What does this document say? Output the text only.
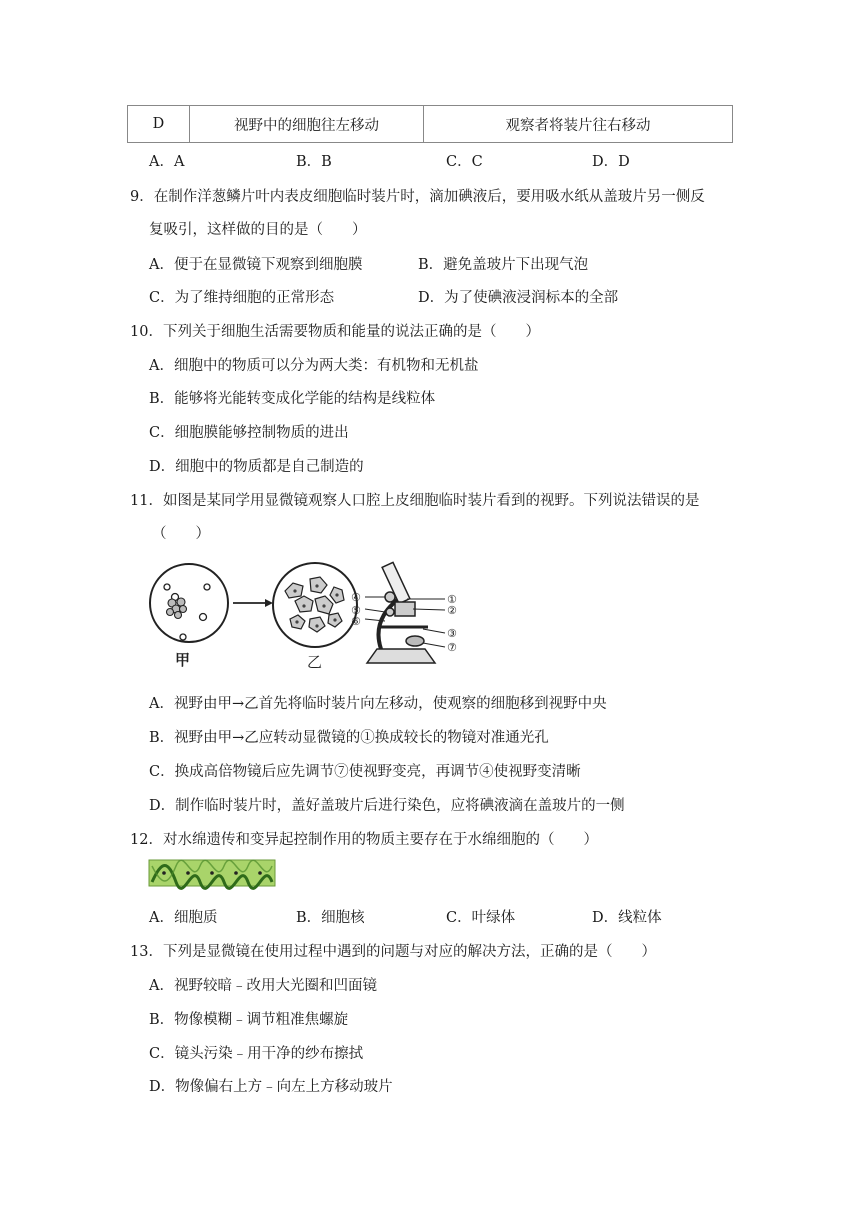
D	视野中的细胞往左移动	观察者将装片往右移动
A．A	B．B	C．C	D．D
9．在制作洋葱鳞片叶内表皮细胞临时装片时，滴加碘液后，要用吸水纸从盖玻片另一侧反
复吸引，这样做的目的是（　　）
A．便于在显微镜下观察到细胞膜	B．避免盖玻片下出现气泡
C．为了维持细胞的正常形态	D．为了使碘液浸润标本的全部
10．下列关于细胞生活需要物质和能量的说法正确的是（　　）
A．细胞中的物质可以分为两大类：有机物和无机盐
B．能够将光能转变成化学能的结构是线粒体
C．细胞膜能够控制物质的进出
D．细胞中的物质都是自己制造的
11．如图是某同学用显微镜观察人口腔上皮细胞临时装片看到的视野。下列说法错误的是
（　　）
甲	乙
④
⑤
⑥
①
②
③
⑦
A．视野由甲→乙首先将临时装片向左移动，使观察的细胞移到视野中央
B．视野由甲→乙应转动显微镜的①换成较长的物镜对准通光孔
C．换成高倍物镜后应先调节⑦使视野变亮，再调节④使视野变清晰
D．制作临时装片时，盖好盖玻片后进行染色，应将碘液滴在盖玻片的一侧
12．对水绵遗传和变异起控制作用的物质主要存在于水绵细胞的（　　）
A．细胞质	B．细胞核	C．叶绿体	D．线粒体
13．下列是显微镜在使用过程中遇到的问题与对应的解决方法，正确的是（　　）
A．视野较暗﹣改用大光圈和凹面镜
B．物像模糊﹣调节粗准焦螺旋
C．镜头污染﹣用干净的纱布擦拭
D．物像偏右上方﹣向左上方移动玻片
